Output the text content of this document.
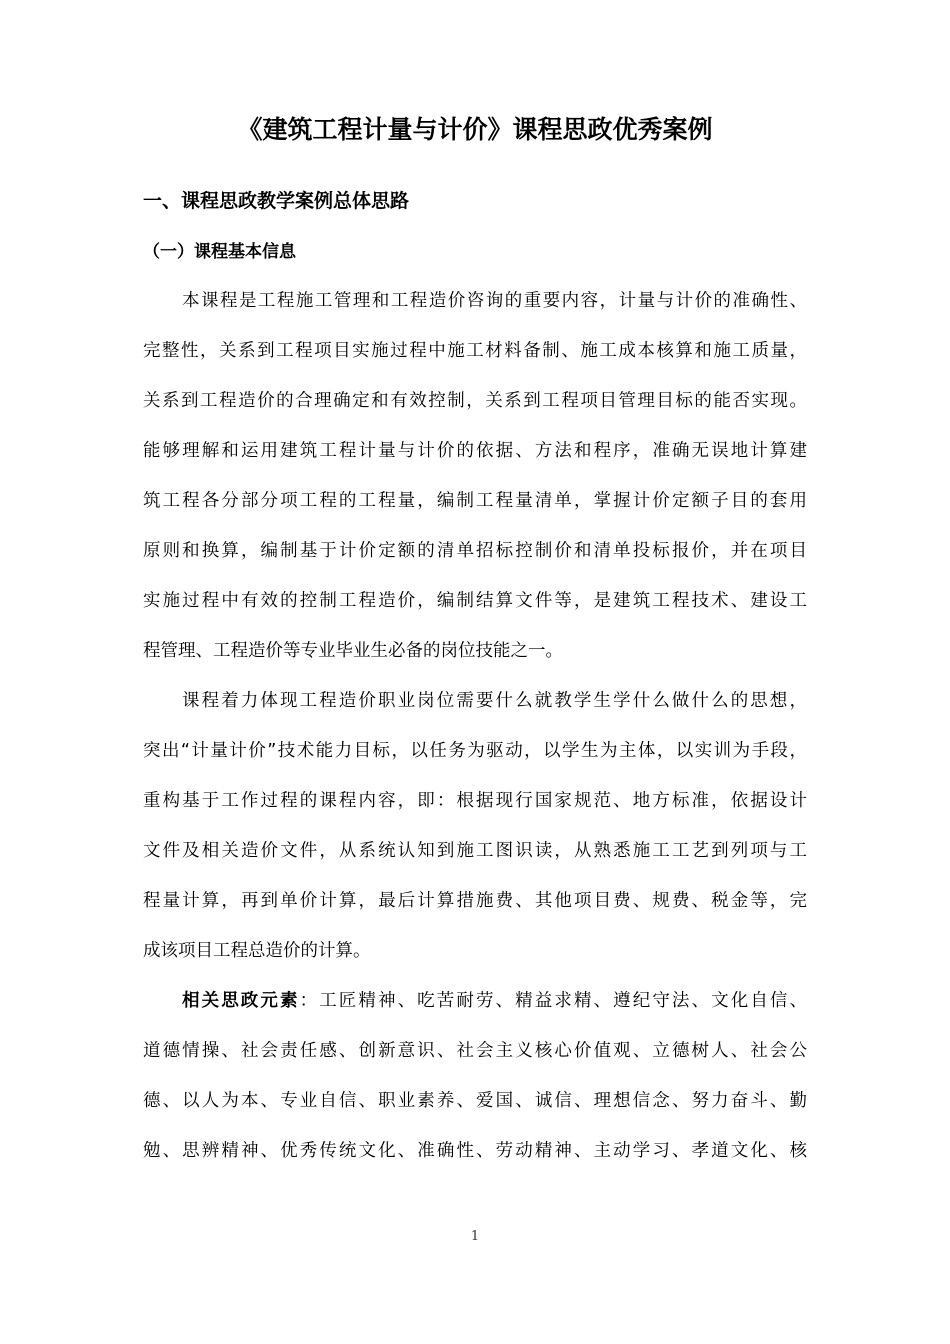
《建筑工程计量与计价》课程思政优秀案例
一、课程思政教学案例总体思路
（一）课程基本信息
本课程是工程施工管理和工程造价咨询的重要内容，计量与计价的准确性、
完整性，关系到工程项目实施过程中施工材料备制、施工成本核算和施工质量，
关系到工程造价的合理确定和有效控制，关系到工程项目管理目标的能否实现。
能够理解和运用建筑工程计量与计价的依据、方法和程序，准确无误地计算建
筑工程各分部分项工程的工程量，编制工程量清单，掌握计价定额子目的套用
原则和换算，编制基于计价定额的清单招标控制价和清单投标报价，并在项目
实施过程中有效的控制工程造价，编制结算文件等，是建筑工程技术、建设工
程管理、工程造价等专业毕业生必备的岗位技能之一。
课程着力体现工程造价职业岗位需要什么就教学生学什么做什么的思想，
突出“计量计价”技术能力目标，以任务为驱动，以学生为主体，以实训为手段，
重构基于工作过程的课程内容，即：根据现行国家规范、地方标准，依据设计
文件及相关造价文件，从系统认知到施工图识读，从熟悉施工工艺到列项与工
程量计算，再到单价计算，最后计算措施费、其他项目费、规费、税金等，完
成该项目工程总造价的计算。
相关思政元素：工匠精神、吃苦耐劳、精益求精、遵纪守法、文化自信、
道德情操、社会责任感、创新意识、社会主义核心价值观、立德树人、社会公
德、以人为本、专业自信、职业素养、爱国、诚信、理想信念、努力奋斗、勤
勉、思辨精神、优秀传统文化、准确性、劳动精神、主动学习、孝道文化、核
1
